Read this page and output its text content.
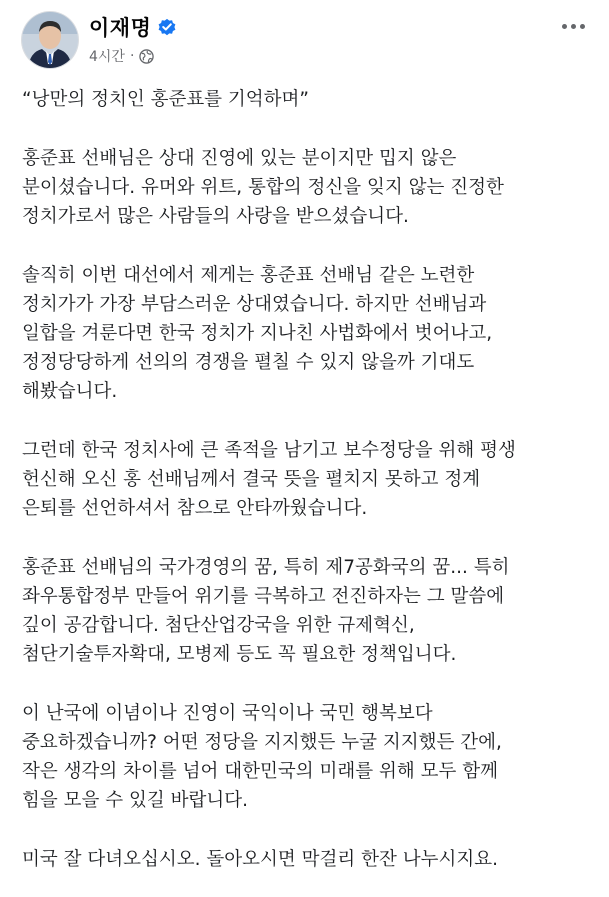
이재명
4시간 ·

“낭만의 정치인 홍준표를 기억하며”

홍준표 선배님은 상대 진영에 있는 분이지만 밉지 않은

분이셨습니다. 유머와 위트, 통합의 정신을 잊지 않는 진정한

정치가로서 많은 사람들의 사랑을 받으셨습니다.

솔직히 이번 대선에서 제게는 홍준표 선배님 같은 노련한

정치가가 가장 부담스러운 상대였습니다. 하지만 선배님과

일합을 겨룬다면 한국 정치가 지나친 사법화에서 벗어나고,

정정당당하게 선의의 경쟁을 펼칠 수 있지 않을까 기대도

해봤습니다.

그런데 한국 정치사에 큰 족적을 남기고 보수정당을 위해 평생

헌신해 오신 홍 선배님께서 결국 뜻을 펼치지 못하고 정계

은퇴를 선언하셔서 참으로 안타까웠습니다.

홍준표 선배님의 국가경영의 꿈, 특히 제7공화국의 꿈... 특히

좌우통합정부 만들어 위기를 극복하고 전진하자는 그 말씀에

깊이 공감합니다. 첨단산업강국을 위한 규제혁신,

첨단기술투자확대, 모병제 등도 꼭 필요한 정책입니다.

이 난국에 이념이나 진영이 국익이나 국민 행복보다

중요하겠습니까? 어떤 정당을 지지했든 누굴 지지했든 간에,

작은 생각의 차이를 넘어 대한민국의 미래를 위해 모두 함께

힘을 모을 수 있길 바랍니다.

미국 잘 다녀오십시오. 돌아오시면 막걸리 한잔 나누시지요.
